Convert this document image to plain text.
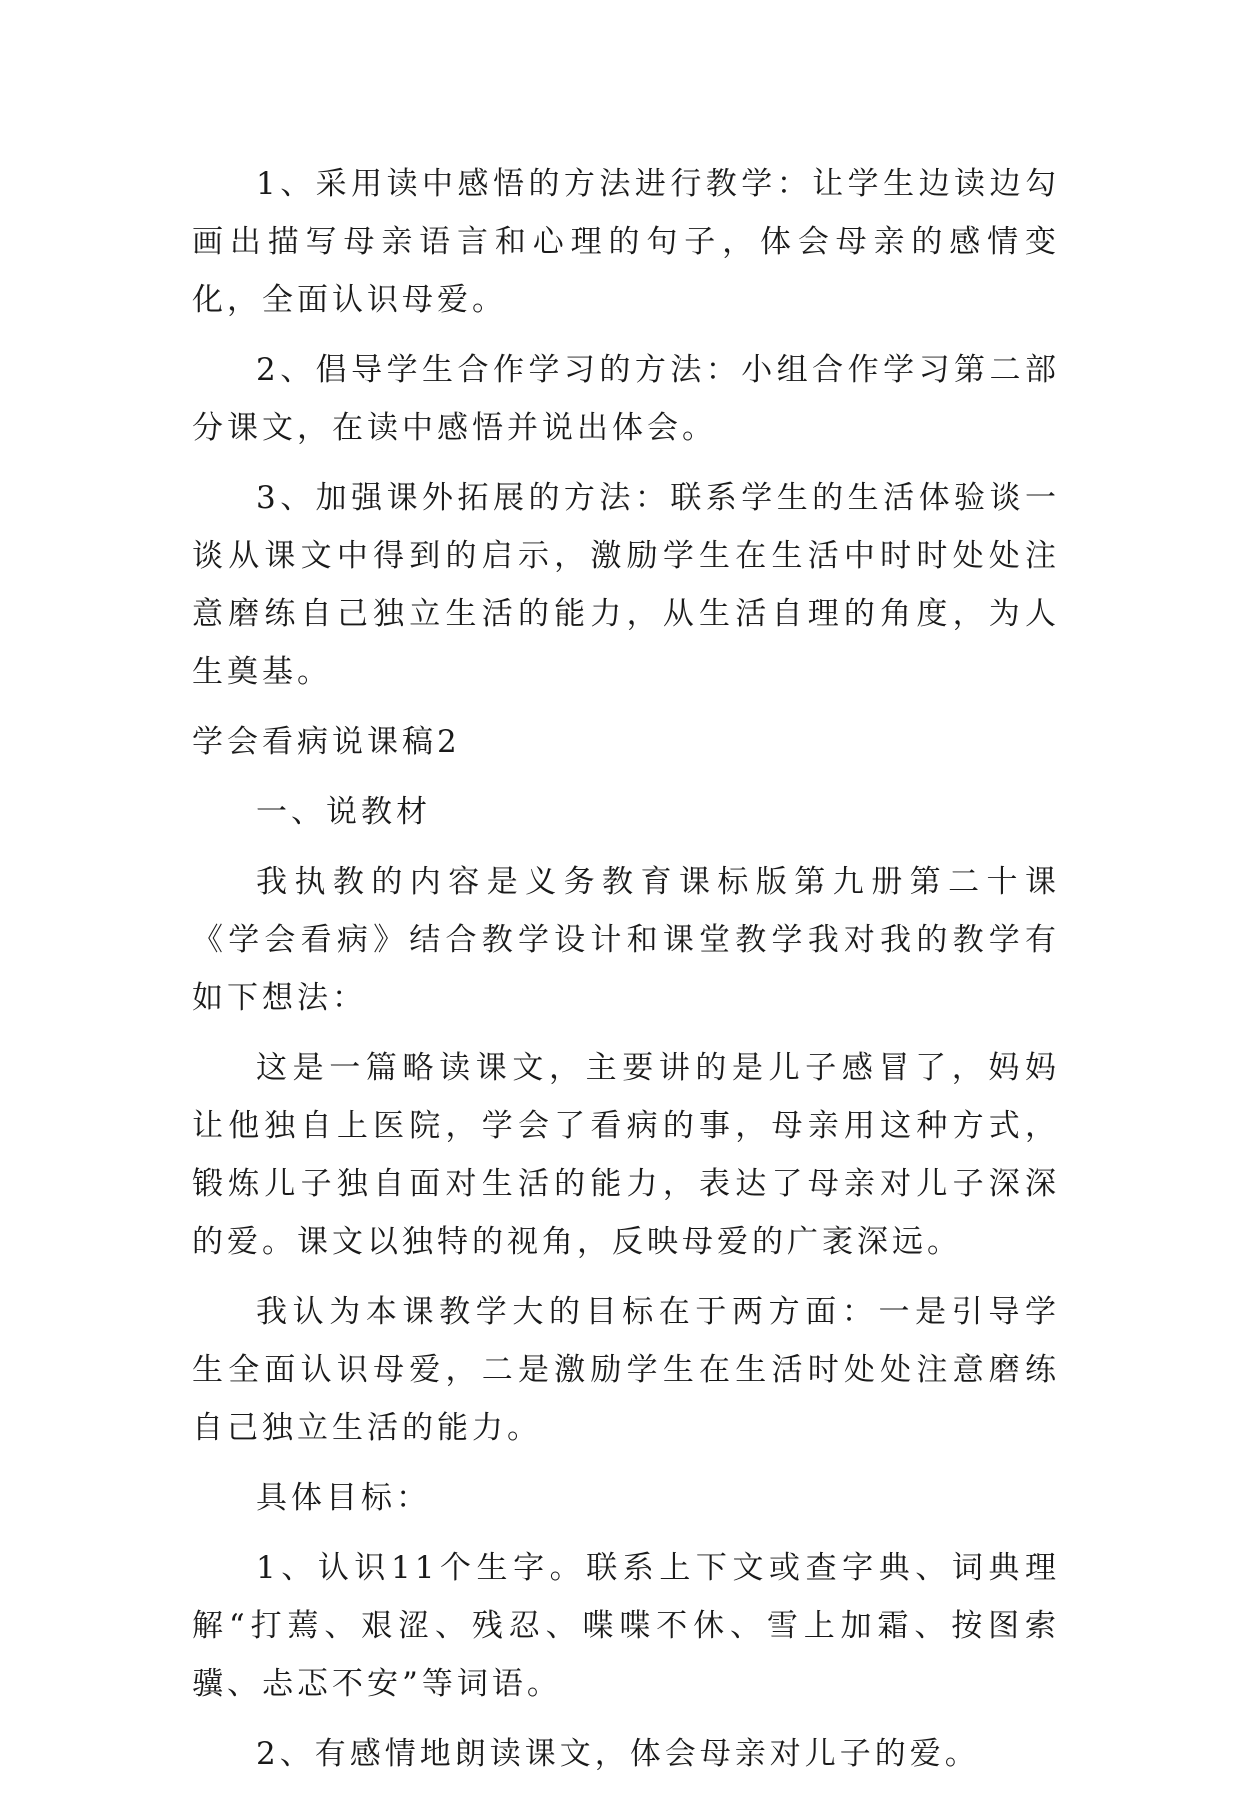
1、采用读中感悟的方法进行教学：让学生边读边勾画出描写母亲语言和心理的句子，体会母亲的感情变化，全面认识母爱。

2、倡导学生合作学习的方法：小组合作学习第二部分课文，在读中感悟并说出体会。

3、加强课外拓展的方法：联系学生的生活体验谈一谈从课文中得到的启示，激励学生在生活中时时处处注意磨练自己独立生活的能力，从生活自理的角度，为人生奠基。

学会看病说课稿2

一、说教材

我执教的内容是义务教育课标版第九册第二十课《学会看病》结合教学设计和课堂教学我对我的教学有如下想法：

这是一篇略读课文，主要讲的是儿子感冒了，妈妈让他独自上医院，学会了看病的事，母亲用这种方式，锻炼儿子独自面对生活的能力，表达了母亲对儿子深深的爱。课文以独特的视角，反映母爱的广袤深远。

我认为本课教学大的目标在于两方面：一是引导学生全面认识母爱，二是激励学生在生活时处处注意磨练自己独立生活的能力。

具体目标：

1、认识11个生字。联系上下文或查字典、词典理解“打蔫、艰涩、残忍、喋喋不休、雪上加霜、按图索骥、忐忑不安”等词语。

2、有感情地朗读课文，体会母亲对儿子的爱。
